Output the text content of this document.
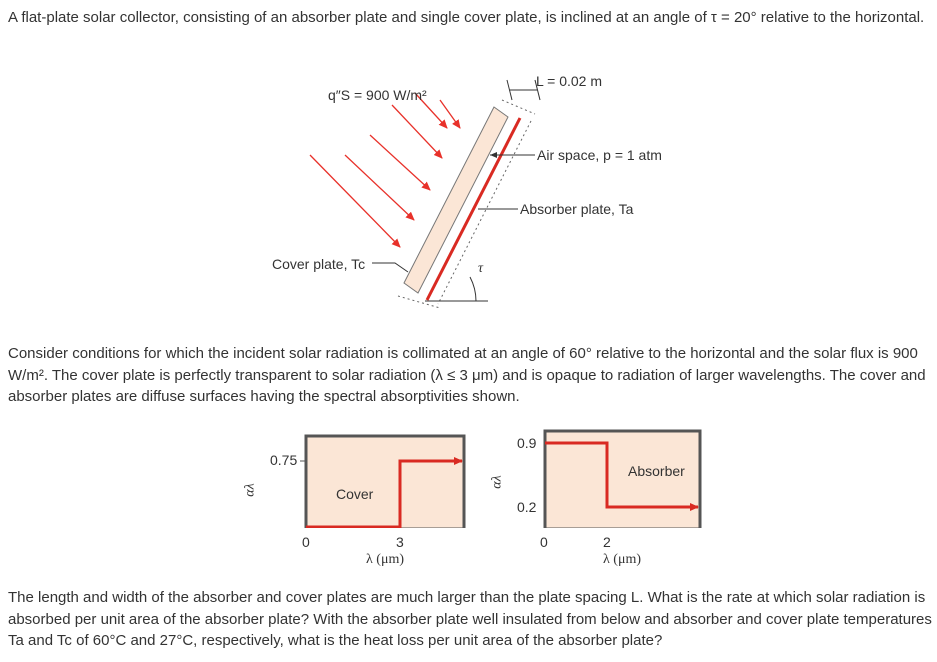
A flat-plate solar collector, consisting of an absorber plate and single cover plate, is inclined at an angle of τ = 20° relative to the horizontal.

τ
L = 0.02 m
Air space, p = 1 atm
Absorber plate, Ta
Cover plate, Tc
q″S = 900 W/m²

Consider conditions for which the incident solar radiation is collimated at an angle of 60° relative to the horizontal and the solar flux is 900 W/m². The cover plate is perfectly transparent to solar radiation (λ ≤ 3 μm) and is opaque to radiation of larger wavelengths. The cover and absorber plates are diffuse surfaces having the spectral absorptivities shown.

0.75
αλ	Cover
0	3
λ (μm)
0.9
0.2
αλ
Absorber
0	2
λ (μm)

The length and width of the absorber and cover plates are much larger than the plate spacing L. What is the rate at which solar radiation is absorbed per unit area of the absorber plate? With the absorber plate well insulated from below and absorber and cover plate temperatures Ta and Tc of 60°C and 27°C, respectively, what is the heat loss per unit area of the absorber plate?
